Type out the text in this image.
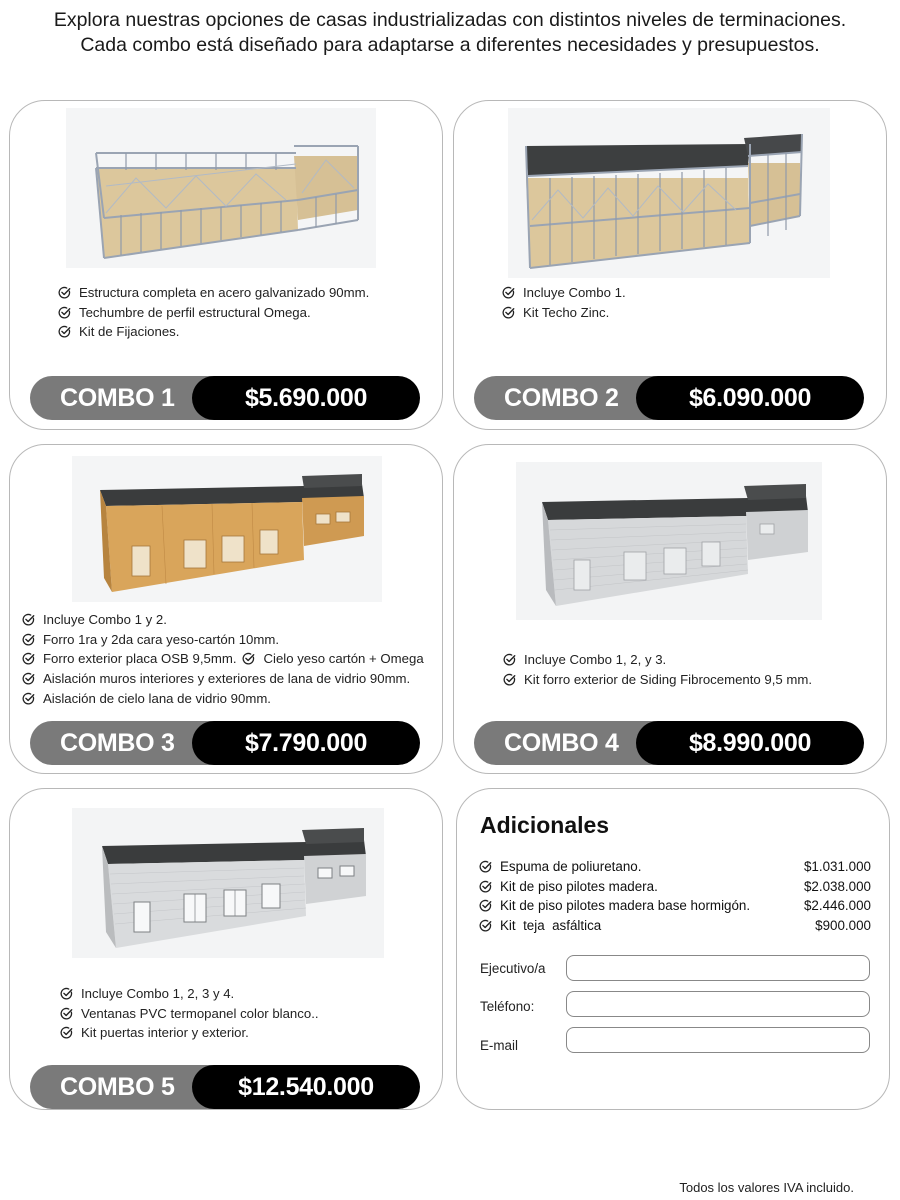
Explora nuestras opciones de casas industrializadas con distintos niveles de terminaciones.

Cada combo está diseñado para adaptarse a diferentes necesidades y presupuestos.

Estructura completa en acero galvanizado 90mm.
Techumbre de perfil estructural Omega.
Kit de Fijaciones.
COMBO 1	$5.690.000
Incluye Combo 1.
Kit Techo Zinc.
COMBO 2	$6.090.000
Incluye Combo 1 y 2.
Forro 1ra y 2da cara yeso-cartón 10mm.
Forro exterior placa OSB 9,5mm. Cielo yeso cartón + Omega
Aislación muros interiores y exteriores de lana de vidrio 90mm.
Aislación de cielo lana de vidrio 90mm.
COMBO 3	$7.790.000
Incluye Combo 1, 2, y 3.
Kit forro exterior de Siding Fibrocemento 9,5 mm.
COMBO 4	$8.990.000
Incluye Combo 1, 2, 3 y 4.
Ventanas PVC termopanel color blanco..
Kit puertas interior y exterior.
COMBO 5	$12.540.000
Adicionales
Espuma de poliuretano.	$1.031.000
Kit de piso pilotes madera.	$2.038.000
Kit de piso pilotes madera base hormigón.	$2.446.000
Kit  teja  asfáltica	$900.000
Ejecutivo/a
Teléfono:
E-mail
Todos los valores IVA incluido.
